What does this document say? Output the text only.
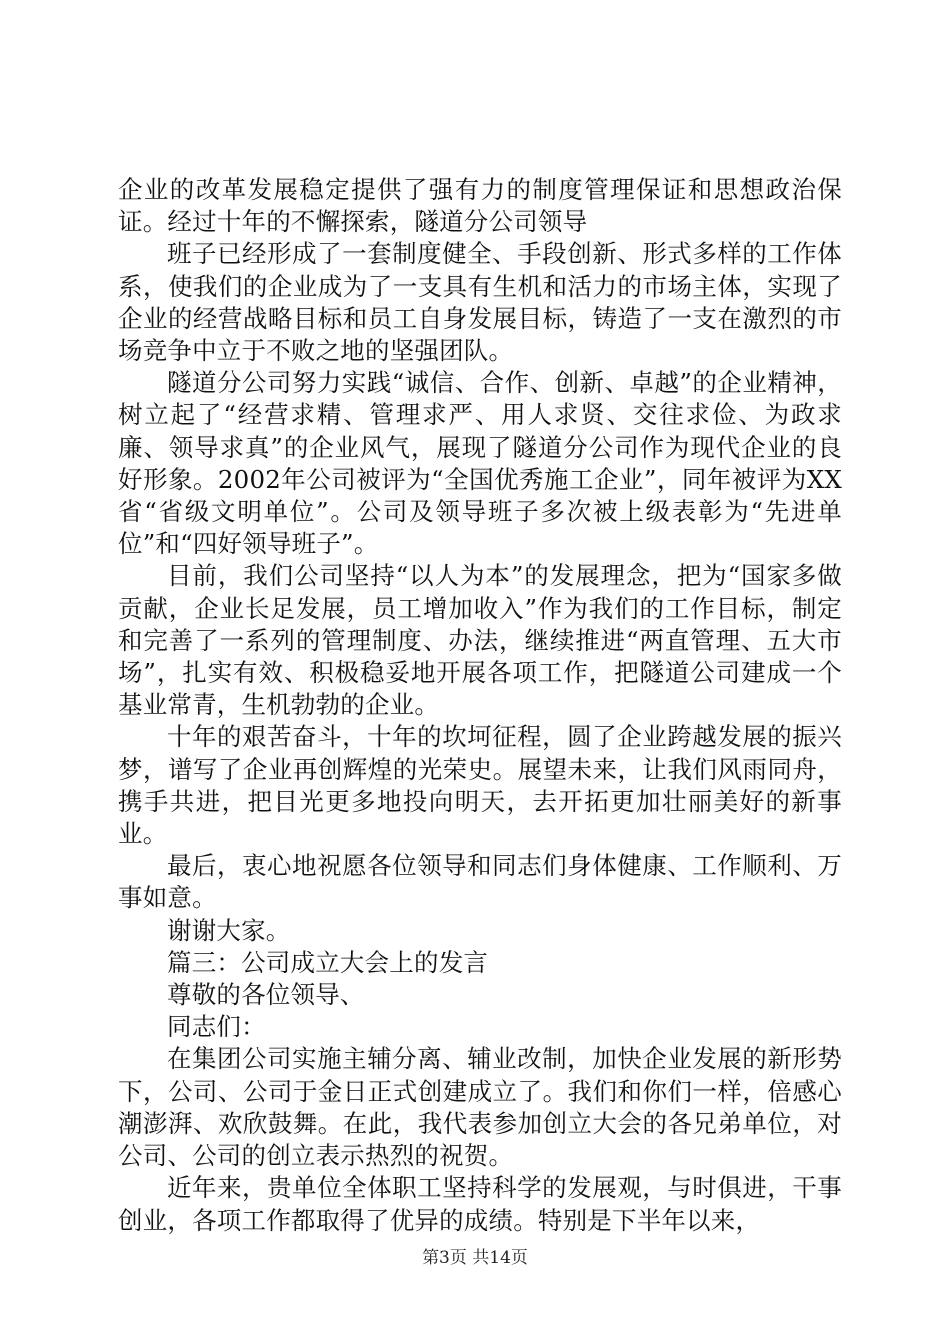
企业的改革发展稳定提供了强有力的制度管理保证和思想政治保证。经过十年的不懈探索，隧道分公司领导

班子已经形成了一套制度健全、手段创新、形式多样的工作体系，使我们的企业成为了一支具有生机和活力的市场主体，实现了企业的经营战略目标和员工自身发展目标，铸造了一支在激烈的市场竞争中立于不败之地的坚强团队。

隧道分公司努力实践“诚信、合作、创新、卓越”的企业精神，树立起了“经营求精、管理求严、用人求贤、交往求俭、为政求廉、领导求真”的企业风气，展现了隧道分公司作为现代企业的良好形象。2002年公司被评为“全国优秀施工企业”，同年被评为XX省“省级文明单位”。公司及领导班子多次被上级表彰为“先进单位”和“四好领导班子”。

目前，我们公司坚持“以人为本”的发展理念，把为“国家多做贡献，企业长足发展，员工增加收入”作为我们的工作目标，制定和完善了一系列的管理制度、办法，继续推进“两直管理、五大市场”，扎实有效、积极稳妥地开展各项工作，把隧道公司建成一个基业常青，生机勃勃的企业。

十年的艰苦奋斗，十年的坎坷征程，圆了企业跨越发展的振兴梦，谱写了企业再创辉煌的光荣史。展望未来，让我们风雨同舟，携手共进，把目光更多地投向明天，去开拓更加壮丽美好的新事业。

最后，衷心地祝愿各位领导和同志们身体健康、工作顺利、万事如意。

谢谢大家。

篇三：公司成立大会上的发言

尊敬的各位领导、

同志们：

在集团公司实施主辅分离、辅业改制，加快企业发展的新形势下，公司、公司于金日正式创建成立了。我们和你们一样，倍感心潮澎湃、欢欣鼓舞。在此，我代表参加创立大会的各兄弟单位，对公司、公司的创立表示热烈的祝贺。

近年来，贵单位全体职工坚持科学的发展观，与时俱进，干事创业，各项工作都取得了优异的成绩。特别是下半年以来，

第3页 共14页
